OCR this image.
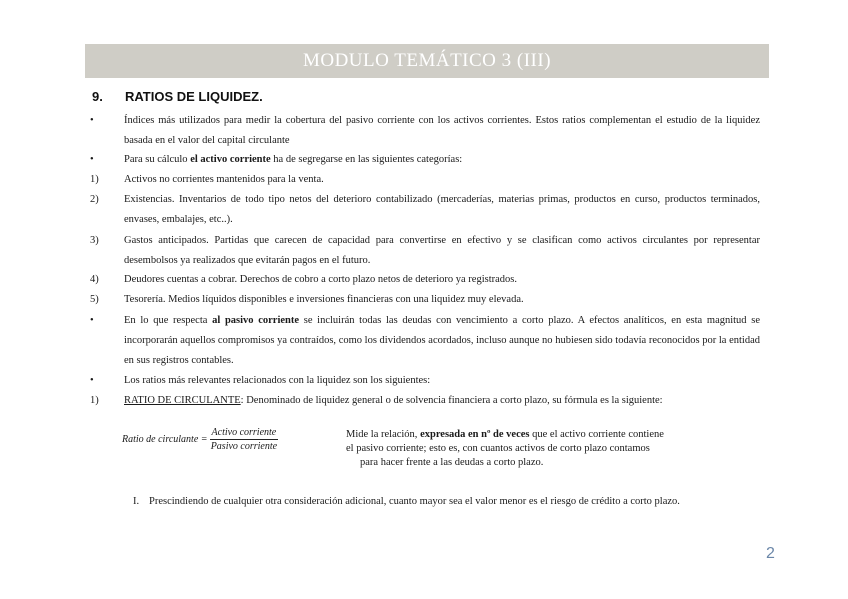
MODULO TEMÁTICO 3 (III)
9. RATIOS DE LIQUIDEZ.
•	Índices más utilizados para medir la cobertura del pasivo corriente con los activos corrientes. Estos ratios complementan el estudio de la liquidez basada en el valor del capital circulante
•	Para su cálculo el activo corriente ha de segregarse en las siguientes categorías:
1)	Activos no corrientes mantenidos para la venta.
2)	Existencias. Inventarios de todo tipo netos del deterioro contabilizado (mercaderías, materias primas, productos en curso, productos terminados, envases, embalajes, etc..).
3)	Gastos anticipados. Partidas que carecen de capacidad para convertirse en efectivo y se clasifican como activos circulantes por representar desembolsos ya realizados que evitarán pagos en el futuro.
4)	Deudores cuentas a cobrar. Derechos de cobro a corto plazo netos de deterioro ya registrados.
5)	Tesorería. Medios líquidos disponibles e inversiones financieras con una liquidez muy elevada.
•	En lo que respecta al pasivo corriente se incluirán todas las deudas con vencimiento a corto plazo. A efectos analíticos, en esta magnitud se incorporarán aquellos compromisos ya contraídos, como los dividendos acordados, incluso aunque no hubiesen sido todavía reconocidos por la entidad en sus registros contables.
•	Los ratios más relevantes relacionados con la liquidez son los siguientes:
1)	RATIO DE CIRCULANTE: Denominado de liquidez general o de solvencia financiera a corto plazo, su fórmula es la siguiente:
Ratio de circulante = $\frac{\text{Activo corriente}}{\text{Pasivo corriente}}$	Mide la relación, expresada en nº de veces que el activo corriente contiene
el pasivo corriente; esto es, con cuantos activos de corto plazo contamos
para hacer frente a las deudas a corto plazo.
I. Prescindiendo de cualquier otra consideración adicional, cuanto mayor sea el valor menor es el riesgo de crédito a corto plazo.
2
